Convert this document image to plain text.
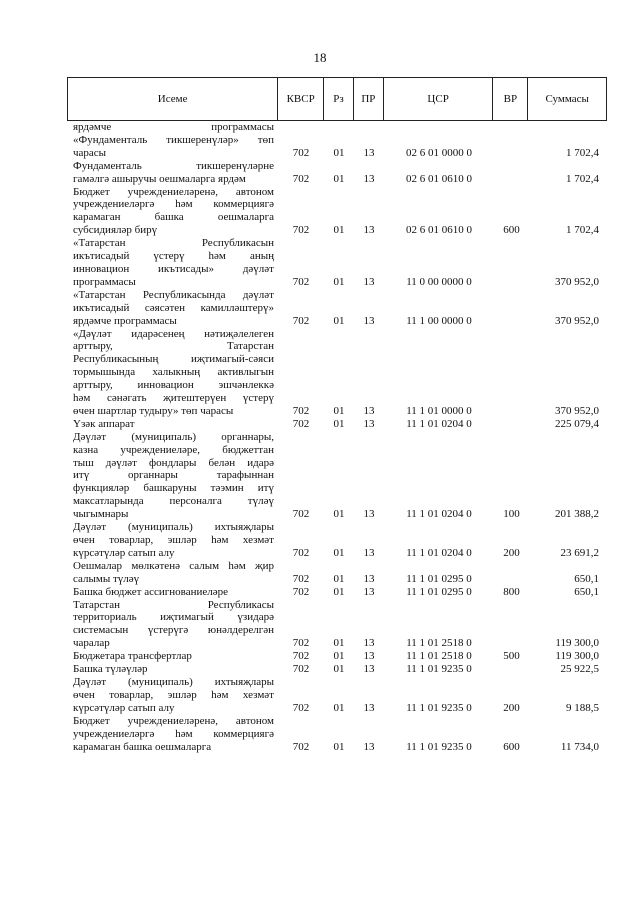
18
Исеме	КВСР	Рз	ПР	ЦСР	ВР	Суммасы
ярдәмче программасы
«Фундаменталь тикшеренүләр» төп
чарасы	702	01	13	02 6 01 0000 0	1 702,4
Фундаменталь тикшеренүләрне
гамәлгә ашыручы оешмаларга ярдәм	702	01	13	02 6 01 0610 0	1 702,4
Бюджет учреждениеләренә, автоном
учреждениеләргә һәм коммерциягә
карамаган башка оешмаларга
субсидияләр бирү	702	01	13	02 6 01 0610 0	600	1 702,4
«Татарстан Республикасын
икътисадый үстерү һәм аның
инновацион икътисады» дәүләт
программасы	702	01	13	11 0 00 0000 0	370 952,0
«Татарстан Республикасында дәүләт
икътисадый сәясәтен камилләштерү»
ярдәмче программасы	702	01	13	11 1 00 0000 0	370 952,0
«Дәүләт идарәсенең нәтиҗәлелеген
арттыру, Татарстан
Республикасының иҗтимагый-сәяси
тормышында халыкның активлыгын
арттыру, инновацион эшчәнлеккә
һәм сәнәгать җитештерүен үстерү
өчен шартлар тудыру» төп чарасы	702	01	13	11 1 01 0000 0	370 952,0
Үзәк аппарат	702	01	13	11 1 01 0204 0	225 079,4
Дәүләт (муниципаль) органнары,
казна учреждениеләре, бюджеттан
тыш дәүләт фондлары белән идарә
итү органнары тарафыннан
функцияләр башкаруны тәэмин итү
максатларында персоналга түләү
чыгымнары	702	01	13	11 1 01 0204 0	100	201 388,2
Дәүләт (муниципаль) ихтыяҗлары
өчен товарлар, эшләр һәм хезмәт
күрсәтүләр сатып алу	702	01	13	11 1 01 0204 0	200	23 691,2
Оешмалар мөлкәтенә салым һәм җир
салымы түләү	702	01	13	11 1 01 0295 0	650,1
Башка бюджет ассигнованиеләре	702	01	13	11 1 01 0295 0	800	650,1
Татарстан Республикасы
территориаль иҗтимагый үзидарә
системасын үстерүгә юнәлдерелгән
чаралар	702	01	13	11 1 01 2518 0	119 300,0
Бюджетара трансфертлар	702	01	13	11 1 01 2518 0	500	119 300,0
Башка түләүләр	702	01	13	11 1 01 9235 0	25 922,5
Дәүләт (муниципаль) ихтыяҗлары
өчен товарлар, эшләр һәм хезмәт
күрсәтүләр сатып алу	702	01	13	11 1 01 9235 0	200	9 188,5
Бюджет учреждениеләренә, автоном
учреждениеләргә һәм коммерциягә
карамаган башка оешмаларга	702	01	13	11 1 01 9235 0	600	11 734,0
